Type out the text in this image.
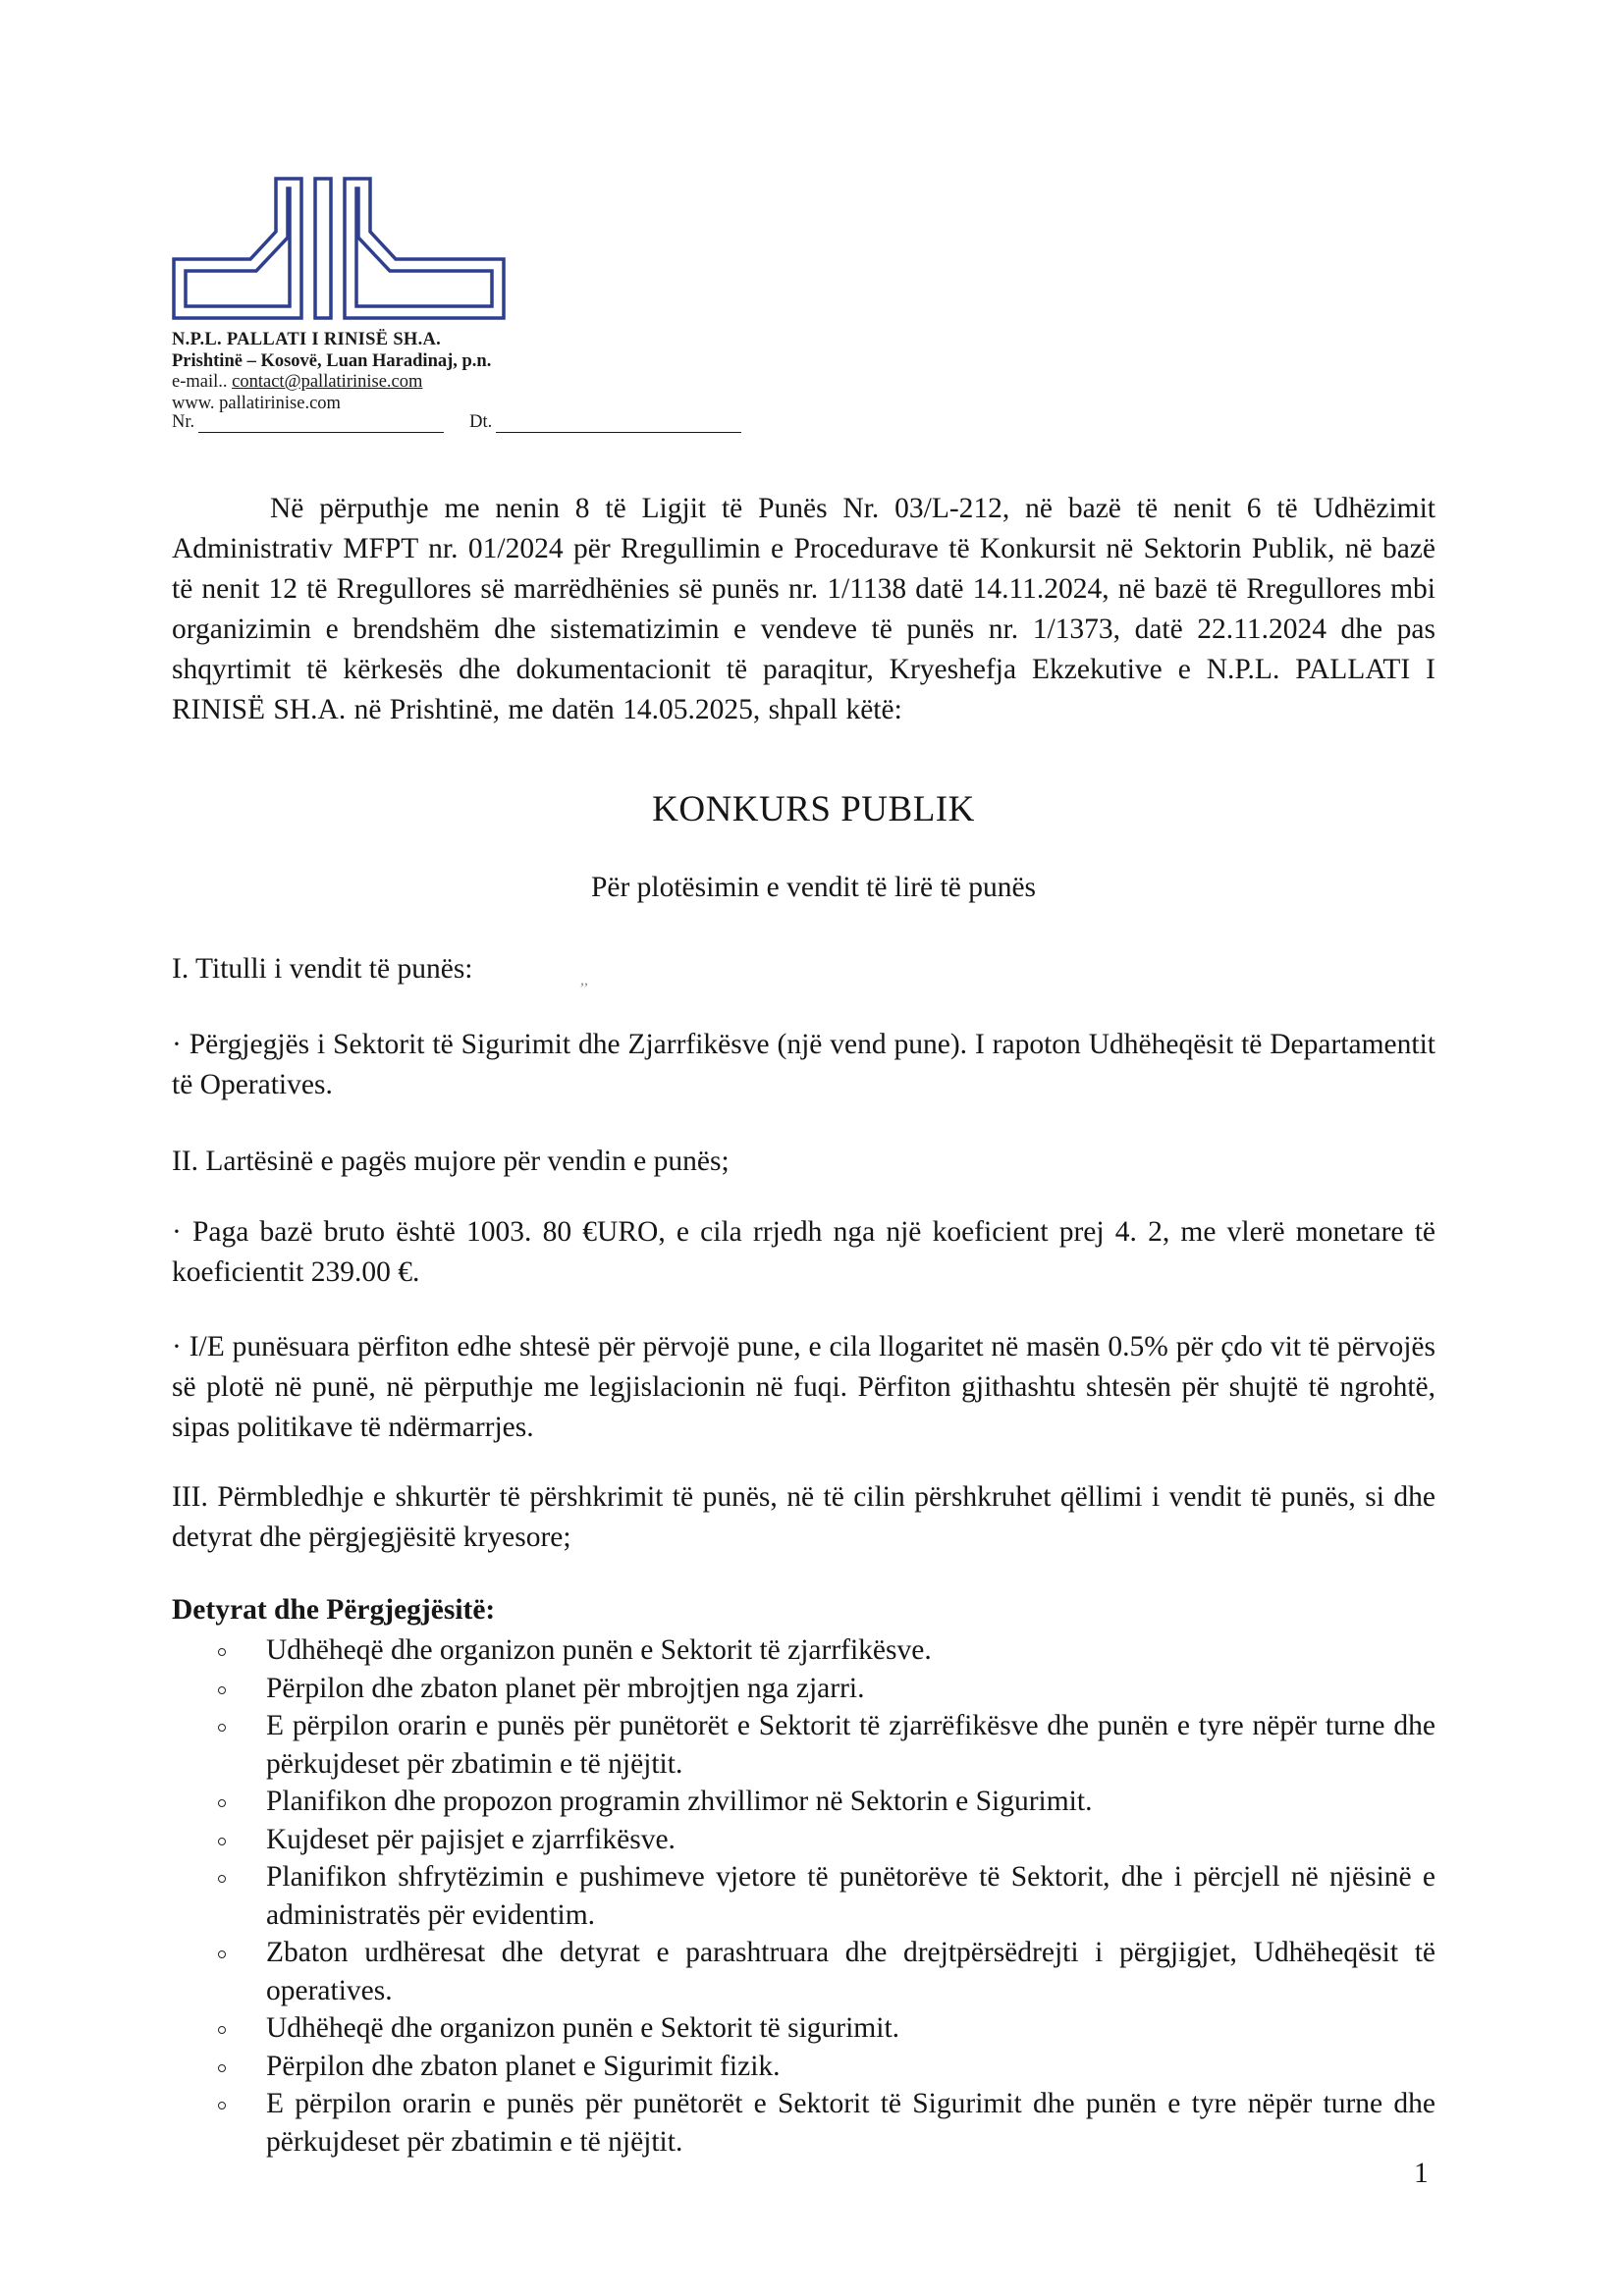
N.P.L. PALLATI I RINISË SH.A.
Prishtinë – Kosovë, Luan Haradinaj, p.n.
e-mail.. contact@pallatirinise.com
www. pallatirinise.com
Nr.	Dt.
Në përputhje me nenin 8 të Ligjit të Punës Nr. 03/L-212, në bazë të nenit 6 të Udhëzimit Administrativ MFPT nr. 01/2024 për Rregullimin e Procedurave të Konkursit në Sektorin Publik, në bazë të nenit 12 të Rregullores së marrëdhënies së punës nr. 1/1138 datë 14.11.2024, në bazë të Rregullores mbi organizimin e brendshëm dhe sistematizimin e vendeve të punës nr. 1/1373, datë 22.11.2024 dhe pas shqyrtimit të kërkesës dhe dokumentacionit të paraqitur, Kryeshefja Ekzekutive e N.P.L. PALLATI I RINISË SH.A. në Prishtinë, me datën 14.05.2025, shpall këtë:
KONKURS PUBLIK
Për plotësimin e vendit të lirë të punës
I. Titulli i vendit të punës:	,,
· Përgjegjës i Sektorit të Sigurimit dhe Zjarrfikësve (një vend pune). I rapoton Udhëheqësit të Departamentit të Operatives.
II. Lartësinë e pagës mujore për vendin e punës;
· Paga bazë bruto është 1003. 80 €URO, e cila rrjedh nga një koeficient prej 4. 2, me vlerë monetare të koeficientit 239.00 €.
· I/E punësuara përfiton edhe shtesë për përvojë pune, e cila llogaritet në masën 0.5% për çdo vit të përvojës së plotë në punë, në përputhje me legjislacionin në fuqi. Përfiton gjithashtu shtesën për shujtë të ngrohtë, sipas politikave të ndërmarrjes.
III. Përmbledhje e shkurtër të përshkrimit të punës, në të cilin përshkruhet qëllimi i vendit të punës, si dhe detyrat dhe përgjegjësitë kryesore;
Detyrat dhe Përgjegjësitë:
Udhëheqë dhe organizon punën e Sektorit të zjarrfikësve.
Përpilon dhe zbaton planet për mbrojtjen nga zjarri.
E përpilon orarin e punës për punëtorët e Sektorit të zjarrëfikësve dhe punën e tyre nëpër turne dhe përkujdeset për zbatimin e të njëjtit.
Planifikon dhe propozon programin zhvillimor në Sektorin e Sigurimit.
Kujdeset për pajisjet e zjarrfikësve.
Planifikon shfrytëzimin e pushimeve vjetore të punëtorëve të Sektorit, dhe i përcjell në njësinë e administratës për evidentim.
Zbaton urdhëresat dhe detyrat e parashtruara dhe drejtpërsëdrejti i përgjigjet, Udhëheqësit të operatives.
Udhëheqë dhe organizon punën e Sektorit të sigurimit.
Përpilon dhe zbaton planet e Sigurimit fizik.
E përpilon orarin e punës për punëtorët e Sektorit të Sigurimit dhe punën e tyre nëpër turne dhe përkujdeset për zbatimin e të njëjtit.
1
